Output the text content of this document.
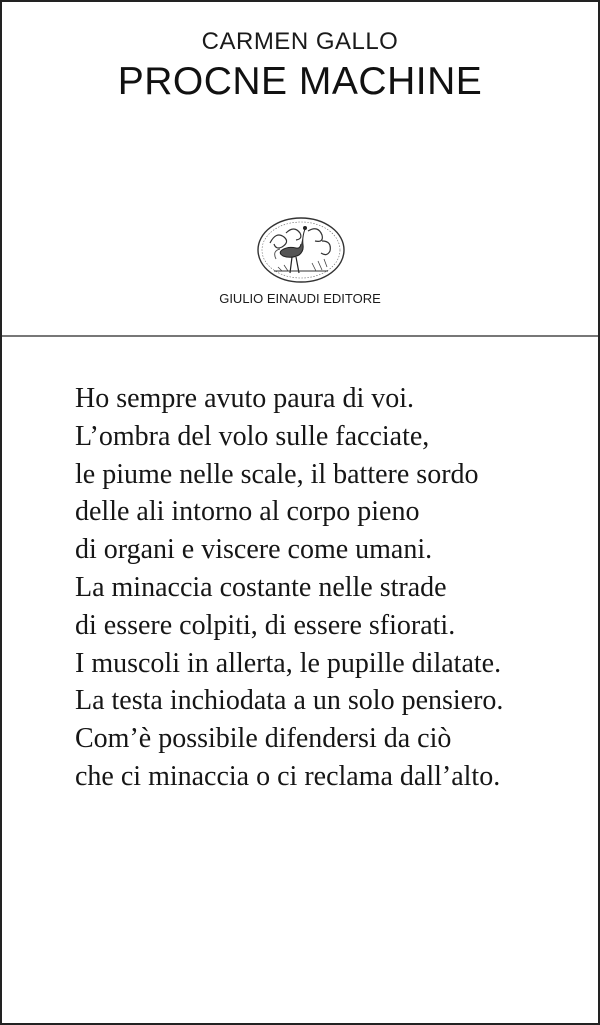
CARMEN GALLO
PROCNE MACHINE
GIULIO EINAUDI EDITORE
Ho sempre avuto paura di voi.
L’ombra del volo sulle facciate,
le piume nelle scale, il battere sordo
delle ali intorno al corpo pieno
di organi e viscere come umani.
La minaccia costante nelle strade
di essere colpiti, di essere sfiorati.
I muscoli in allerta, le pupille dilatate.
La testa inchiodata a un solo pensiero.
Com’è possibile difendersi da ciò
che ci minaccia o ci reclama dall’alto.
